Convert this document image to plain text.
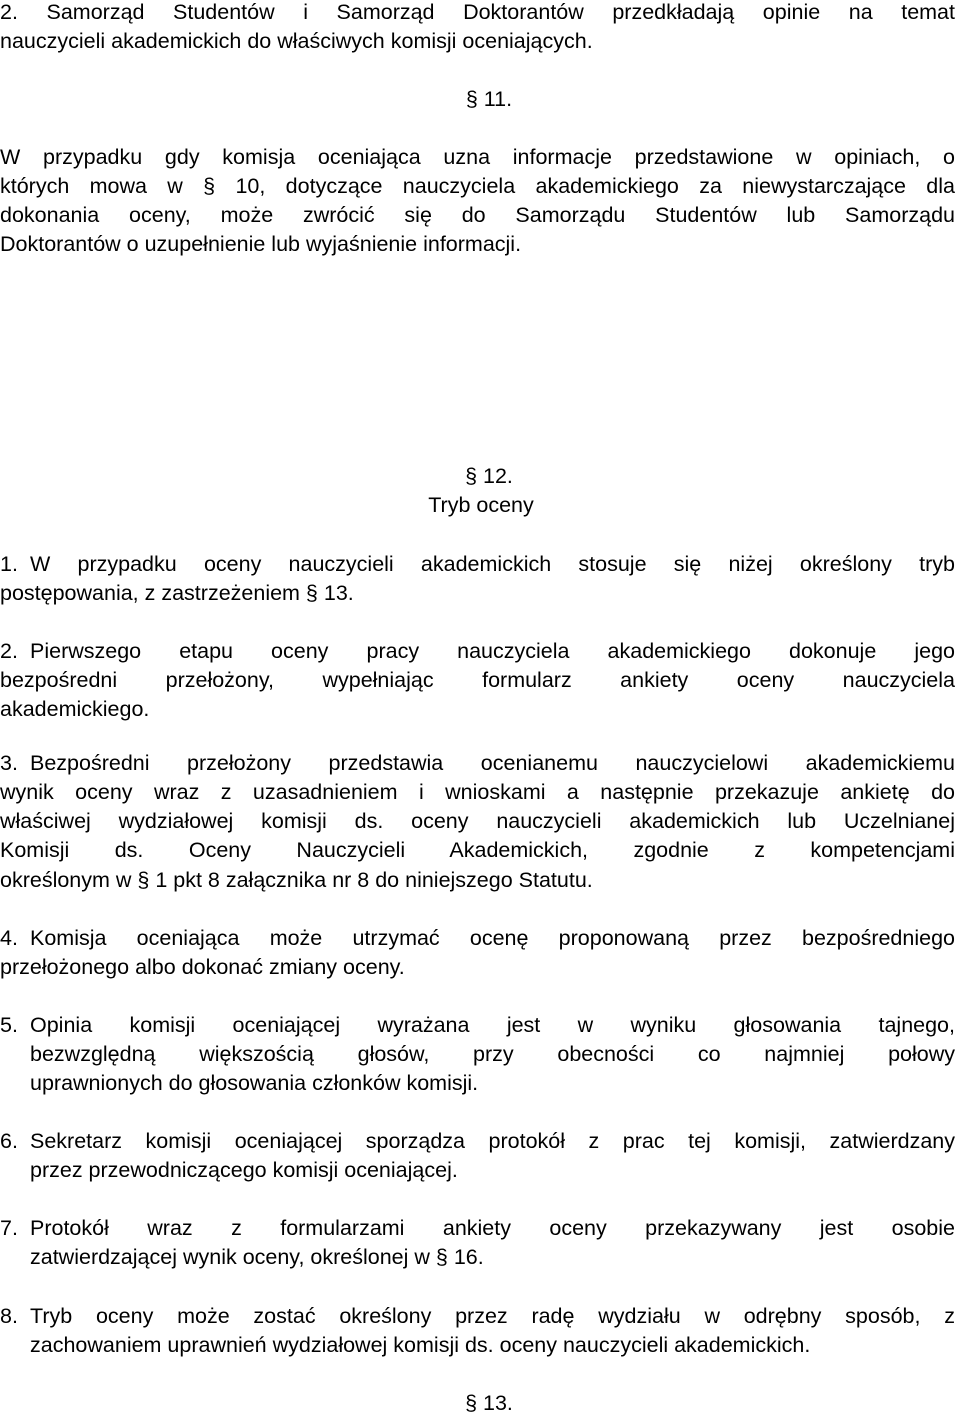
2. Samorząd Studentów i Samorząd Doktorantów przedkładają opinie na temat
nauczycieli akademickich do właściwych komisji oceniających.
§ 11.
W przypadku gdy komisja oceniająca uzna informacje przedstawione w opiniach, o
których mowa w § 10, dotyczące nauczyciela akademickiego za niewystarczające dla
dokonania oceny, może zwrócić się do Samorządu Studentów lub Samorządu
Doktorantów o uzupełnienie lub wyjaśnienie informacji.
§ 12.
Tryb oceny
1. W przypadku oceny nauczycieli akademickich stosuje się niżej określony tryb
postępowania, z zastrzeżeniem § 13.
2. Pierwszego etapu oceny pracy nauczyciela akademickiego dokonuje jego
bezpośredni przełożony, wypełniając formularz ankiety oceny nauczyciela
akademickiego.
3. Bezpośredni przełożony przedstawia ocenianemu nauczycielowi akademickiemu
wynik oceny wraz z uzasadnieniem i wnioskami a następnie przekazuje ankietę do
właściwej wydziałowej komisji ds. oceny nauczycieli akademickich lub Uczelnianej
Komisji ds. Oceny Nauczycieli Akademickich, zgodnie z kompetencjami
określonym w § 1 pkt 8 załącznika nr 8 do niniejszego Statutu.
4. Komisja oceniająca może utrzymać ocenę proponowaną przez bezpośredniego
przełożonego albo dokonać zmiany oceny.
5. Opinia komisji oceniającej wyrażana jest w wyniku głosowania tajnego,
bezwzględną większością głosów, przy obecności co najmniej połowy
uprawnionych do głosowania członków komisji.
6. Sekretarz komisji oceniającej sporządza protokół z prac tej komisji, zatwierdzany
przez przewodniczącego komisji oceniającej.
7. Protokół wraz z formularzami ankiety oceny przekazywany jest osobie
zatwierdzającej wynik oceny, określonej w § 16.
8. Tryb oceny może zostać określony przez radę wydziału w odrębny sposób, z
zachowaniem uprawnień wydziałowej komisji ds. oceny nauczycieli akademickich.
§ 13.
